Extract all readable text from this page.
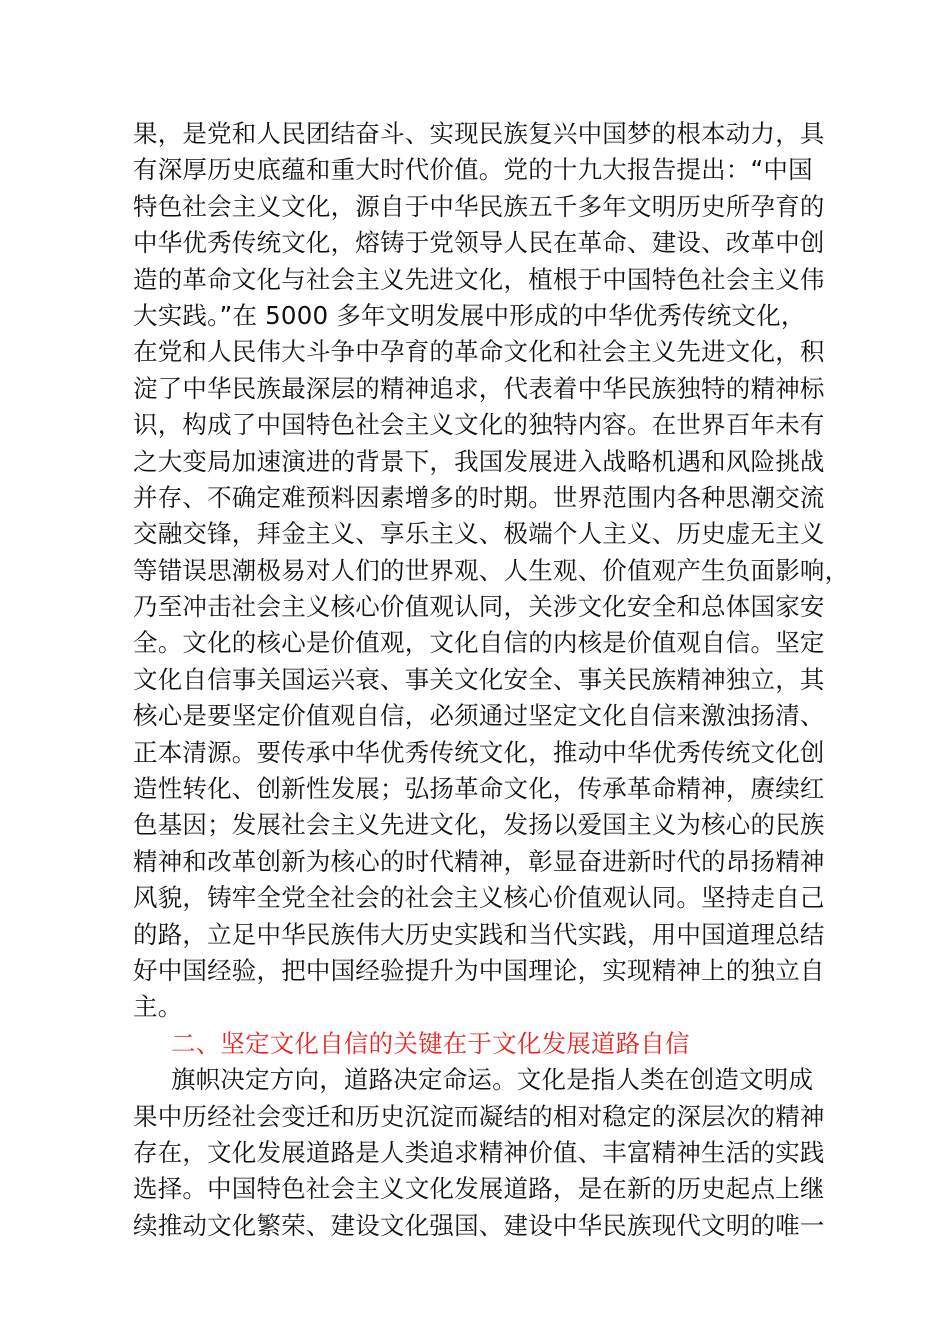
果，是党和人民团结奋斗、实现民族复兴中国梦的根本动力，具
有深厚历史底蕴和重大时代价值。党的十九大报告提出：“中国
特色社会主义文化，源自于中华民族五千多年文明历史所孕育的
中华优秀传统文化，熔铸于党领导人民在革命、建设、改革中创
造的革命文化与社会主义先进文化，植根于中国特色社会主义伟
大实践。”在 5000 多年文明发展中形成的中华优秀传统文化，
在党和人民伟大斗争中孕育的革命文化和社会主义先进文化，积
淀了中华民族最深层的精神追求，代表着中华民族独特的精神标
识，构成了中国特色社会主义文化的独特内容。在世界百年未有
之大变局加速演进的背景下，我国发展进入战略机遇和风险挑战
并存、不确定难预料因素增多的时期。世界范围内各种思潮交流
交融交锋，拜金主义、享乐主义、极端个人主义、历史虚无主义
等错误思潮极易对人们的世界观、人生观、价值观产生负面影响，
乃至冲击社会主义核心价值观认同，关涉文化安全和总体国家安
全。文化的核心是价值观，文化自信的内核是价值观自信。坚定
文化自信事关国运兴衰、事关文化安全、事关民族精神独立，其
核心是要坚定价值观自信，必须通过坚定文化自信来激浊扬清、
正本清源。要传承中华优秀传统文化，推动中华优秀传统文化创
造性转化、创新性发展；弘扬革命文化，传承革命精神，赓续红
色基因；发展社会主义先进文化，发扬以爱国主义为核心的民族
精神和改革创新为核心的时代精神，彰显奋进新时代的昂扬精神
风貌，铸牢全党全社会的社会主义核心价值观认同。坚持走自己
的路，立足中华民族伟大历史实践和当代实践，用中国道理总结
好中国经验，把中国经验提升为中国理论，实现精神上的独立自
主。
二、坚定文化自信的关键在于文化发展道路自信
旗帜决定方向，道路决定命运。文化是指人类在创造文明成
果中历经社会变迁和历史沉淀而凝结的相对稳定的深层次的精神
存在，文化发展道路是人类追求精神价值、丰富精神生活的实践
选择。中国特色社会主义文化发展道路，是在新的历史起点上继
续推动文化繁荣、建设文化强国、建设中华民族现代文明的唯一
